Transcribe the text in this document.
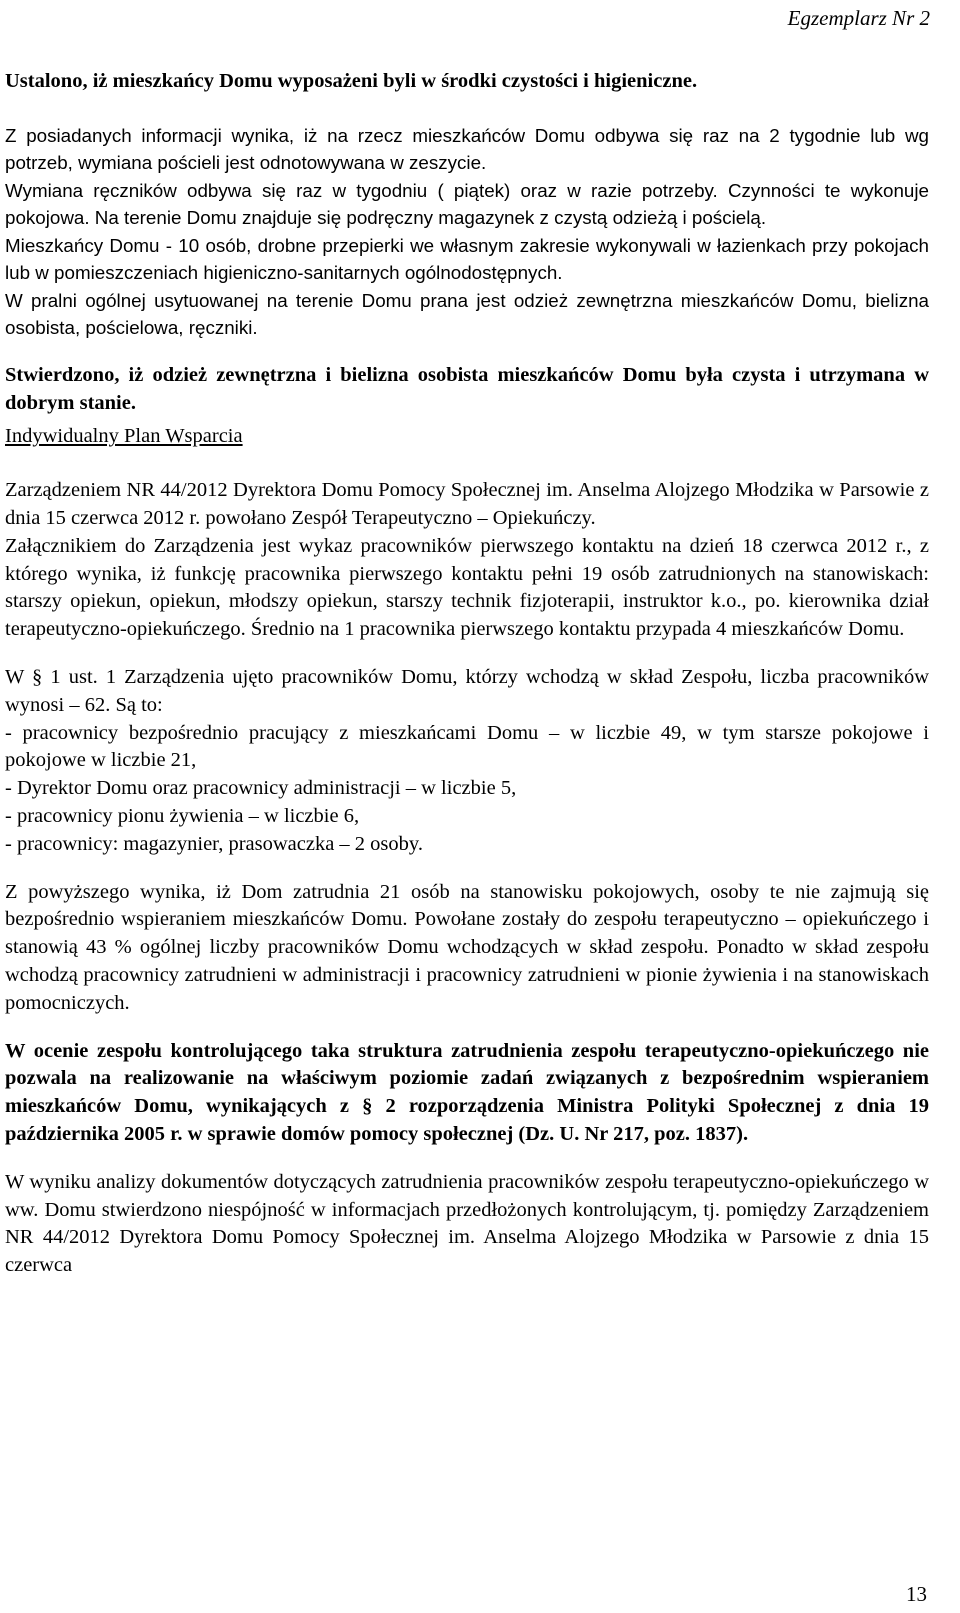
Egzemplarz Nr 2

Ustalono, iż mieszkańcy Domu wyposażeni byli w środki czystości i higieniczne.

Z posiadanych informacji wynika, iż na rzecz mieszkańców Domu odbywa się raz na 2 tygodnie lub wg potrzeb, wymiana pościeli jest odnotowywana w zeszycie.

Wymiana ręczników odbywa się raz w tygodniu ( piątek) oraz w razie potrzeby. Czynności te wykonuje pokojowa. Na terenie Domu znajduje się podręczny magazynek z czystą odzieżą i pościelą.

Mieszkańcy Domu - 10 osób, drobne przepierki we własnym zakresie wykonywali w łazienkach przy pokojach lub w pomieszczeniach higieniczno-sanitarnych ogólnodostępnych.

W pralni ogólnej usytuowanej na terenie Domu prana jest odzież zewnętrzna mieszkańców Domu, bielizna osobista, pościelowa, ręczniki.

Stwierdzono, iż odzież zewnętrzna i bielizna osobista mieszkańców Domu była czysta i utrzymana w dobrym stanie.

Indywidualny Plan Wsparcia

Zarządzeniem NR 44/2012 Dyrektora Domu Pomocy Społecznej im. Anselma Alojzego Młodzika w Parsowie z dnia 15 czerwca 2012 r. powołano Zespół Terapeutyczno – Opiekuńczy.

Załącznikiem do Zarządzenia jest wykaz pracowników pierwszego kontaktu na dzień 18 czerwca 2012 r., z którego wynika, iż funkcję pracownika pierwszego kontaktu pełni 19 osób zatrudnionych na stanowiskach: starszy opiekun, opiekun, młodszy opiekun, starszy technik fizjoterapii, instruktor k.o., po. kierownika dział terapeutyczno-opiekuńczego. Średnio na 1 pracownika pierwszego kontaktu przypada 4 mieszkańców Domu.

W § 1 ust. 1 Zarządzenia ujęto pracowników Domu, którzy wchodzą w skład Zespołu, liczba pracowników wynosi – 62. Są to:

- pracownicy bezpośrednio pracujący z mieszkańcami Domu – w liczbie 49, w tym starsze pokojowe i pokojowe w liczbie 21,

- Dyrektor Domu oraz pracownicy administracji – w liczbie 5,

- pracownicy pionu żywienia – w liczbie 6,

- pracownicy: magazynier, prasowaczka – 2 osoby.

Z powyższego wynika, iż Dom zatrudnia 21 osób na stanowisku pokojowych, osoby te nie zajmują się bezpośrednio wspieraniem mieszkańców Domu. Powołane zostały do zespołu terapeutyczno – opiekuńczego i stanowią 43 % ogólnej liczby pracowników Domu wchodzących w skład zespołu. Ponadto w skład zespołu wchodzą pracownicy zatrudnieni w administracji i pracownicy zatrudnieni w pionie żywienia i na stanowiskach pomocniczych.

W ocenie zespołu kontrolującego taka struktura zatrudnienia zespołu terapeutyczno-opiekuńczego nie pozwala na realizowanie na właściwym poziomie zadań związanych z bezpośrednim wspieraniem mieszkańców Domu, wynikających z § 2 rozporządzenia Ministra Polityki Społecznej z dnia 19 października 2005 r. w sprawie domów pomocy społecznej (Dz. U. Nr 217, poz. 1837).

W wyniku analizy dokumentów dotyczących zatrudnienia pracowników zespołu terapeutyczno-opiekuńczego w ww. Domu stwierdzono niespójność w informacjach przedłożonych kontrolującym, tj. pomiędzy Zarządzeniem NR 44/2012 Dyrektora Domu Pomocy Społecznej im. Anselma Alojzego Młodzika w Parsowie z dnia 15 czerwca

13
